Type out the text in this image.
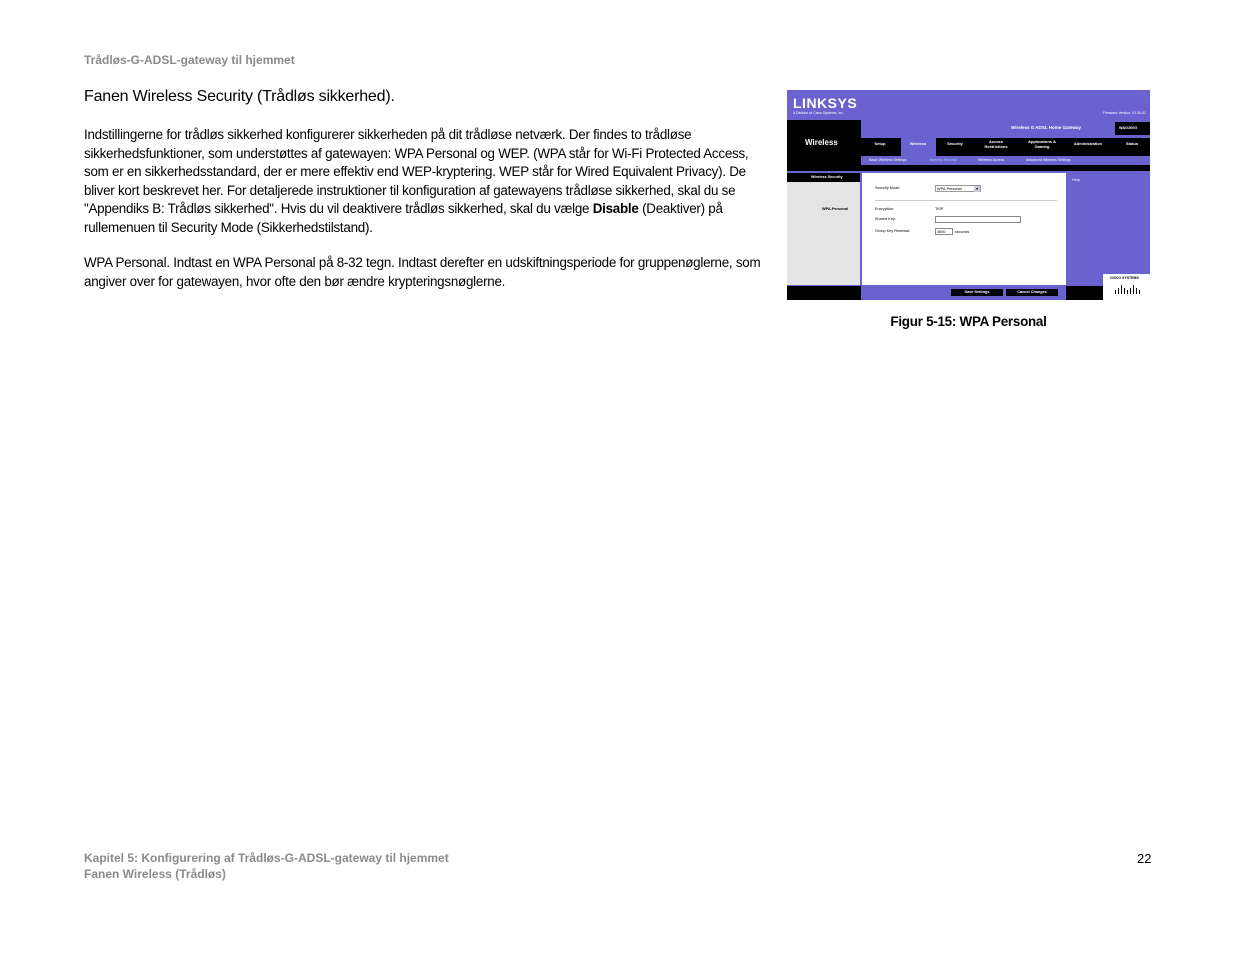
Trådløs-G-ADSL-gateway til hjemmet
Fanen Wireless Security (Trådløs sikkerhed).

Indstillingerne for trådløs sikkerhed konfigurerer sikkerheden på dit trådløse netværk. Der findes to trådløse sikkerhedsfunktioner, som understøttes af gatewayen: WPA Personal og WEP. (WPA står for Wi-Fi Protected Access, som er en sikkerhedsstandard, der er mere effektiv end WEP-kryptering. WEP står for Wired Equivalent Privacy). De bliver kort beskrevet her. For detaljerede instruktioner til konfiguration af gatewayens trådløse sikkerhed, skal du se "Appendiks B: Trådløs sikkerhed". Hvis du vil deaktivere trådløs sikkerhed, skal du vælge Disable (Deaktiver) på rullemenuen til Security Mode (Sikkerhedstilstand).

WPA Personal. Indtast en WPA Personal på 8-32 tegn. Indtast derefter en udskiftningsperiode for gruppenøglerne, som angiver over for gatewayen, hvor ofte den bør ændre krypteringsnøglerne.

LINKSYS
A Division of Cisco Systems, Inc.	Firmware Version: V1.00.01
Wireless
Wireless G ADSL Home Gateway	WAG200G
Setup	Wireless	Security	Access Restrictions
Applications & Gaming
Administration	Status
Basic Wireless Settings	Wireless Security	Wireless Access	Advanced Wireless Settings
Wireless Security
WPA-Personal
Help
Security Mode:	WPA-Personal	▾
Encryption:	TKIP
Shared Key:
Group Key Renewal:	3600	seconds
Save Settings	Cancel Changes
CISCO SYSTEMS
Figur 5-15: WPA Personal
Kapitel 5: Konfigurering af Trådløs-G-ADSL-gateway til hjemmet
Fanen Wireless (Trådløs)
22
